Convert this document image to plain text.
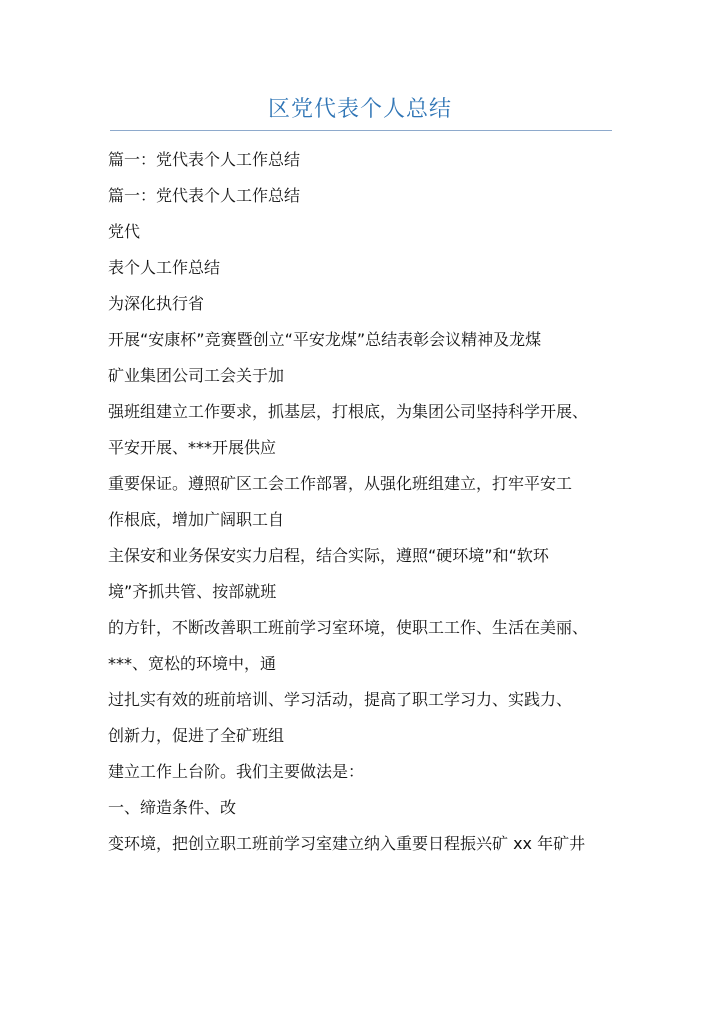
区党代表个人总结
篇一：党代表个人工作总结
篇一：党代表个人工作总结
党代
表个人工作总结
为深化执行省
开展“安康杯”竞赛暨创立“平安龙煤”总结表彰会议精神及龙煤
矿业集团公司工会关于加
强班组建立工作要求，抓基层，打根底，为集团公司坚持科学开展、
平安开展、***开展供应
重要保证。遵照矿区工会工作部署，从强化班组建立，打牢平安工
作根底，增加广阔职工自
主保安和业务保安实力启程，结合实际，遵照“硬环境”和“软环
境”齐抓共管、按部就班
的方针，不断改善职工班前学习室环境，使职工工作、生活在美丽、
***、宽松的环境中，通
过扎实有效的班前培训、学习活动，提高了职工学习力、实践力、
创新力，促进了全矿班组
建立工作上台阶。我们主要做法是：
一、缔造条件、改
变环境，把创立职工班前学习室建立纳入重要日程振兴矿 xx 年矿井
